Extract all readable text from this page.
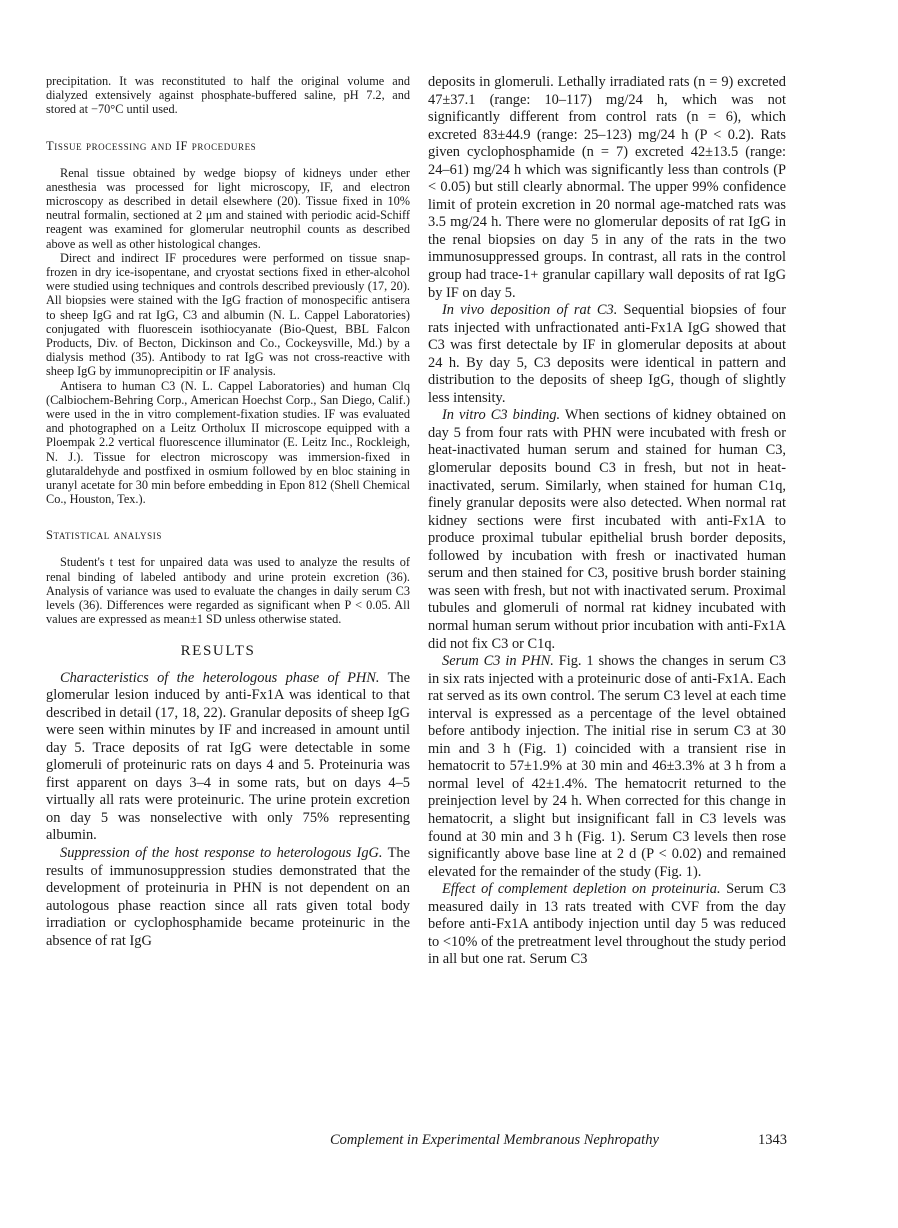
precipitation. It was reconstituted to half the original volume and dialyzed extensively against phosphate-buffered saline, pH 7.2, and stored at −70°C until used.

Tissue processing and IF procedures

Renal tissue obtained by wedge biopsy of kidneys under ether anesthesia was processed for light microscopy, IF, and electron microscopy as described in detail elsewhere (20). Tissue fixed in 10% neutral formalin, sectioned at 2 μm and stained with periodic acid-Schiff reagent was examined for glomerular neutrophil counts as described above as well as other histological changes.

Direct and indirect IF procedures were performed on tissue snap-frozen in dry ice-isopentane, and cryostat sections fixed in ether-alcohol were studied using techniques and controls described previously (17, 20). All biopsies were stained with the IgG fraction of monospecific antisera to sheep IgG and rat IgG, C3 and albumin (N. L. Cappel Laboratories) conjugated with fluorescein isothiocyanate (Bio-Quest, BBL Falcon Products, Div. of Becton, Dickinson and Co., Cockeysville, Md.) by a dialysis method (35). Antibody to rat IgG was not cross-reactive with sheep IgG by immunoprecipitin or IF analysis.

Antisera to human C3 (N. L. Cappel Laboratories) and human Clq (Calbiochem-Behring Corp., American Hoechst Corp., San Diego, Calif.) were used in the in vitro complement-fixation studies. IF was evaluated and photographed on a Leitz Ortholux II microscope equipped with a Ploempak 2.2 vertical fluorescence illuminator (E. Leitz Inc., Rockleigh, N. J.). Tissue for electron microscopy was immersion-fixed in glutaraldehyde and postfixed in osmium followed by en bloc staining in uranyl acetate for 30 min before embedding in Epon 812 (Shell Chemical Co., Houston, Tex.).

Statistical analysis

Student's t test for unpaired data was used to analyze the results of renal binding of labeled antibody and urine protein excretion (36). Analysis of variance was used to evaluate the changes in daily serum C3 levels (36). Differences were regarded as significant when P < 0.05. All values are expressed as mean±1 SD unless otherwise stated.

RESULTS

Characteristics of the heterologous phase of PHN. The glomerular lesion induced by anti-Fx1A was identical to that described in detail (17, 18, 22). Granular deposits of sheep IgG were seen within minutes by IF and increased in amount until day 5. Trace deposits of rat IgG were detectable in some glomeruli of proteinuric rats on days 4 and 5. Proteinuria was first apparent on days 3–4 in some rats, but on days 4–5 virtually all rats were proteinuric. The urine protein excretion on day 5 was nonselective with only 75% representing albumin.

Suppression of the host response to heterologous IgG. The results of immunosuppression studies demonstrated that the development of proteinuria in PHN is not dependent on an autologous phase reaction since all rats given total body irradiation or cyclophosphamide became proteinuric in the absence of rat IgG

deposits in glomeruli. Lethally irradiated rats (n = 9) excreted 47±37.1 (range: 10–117) mg/24 h, which was not significantly different from control rats (n = 6), which excreted 83±44.9 (range: 25–123) mg/24 h (P < 0.2). Rats given cyclophosphamide (n = 7) excreted 42±13.5 (range: 24–61) mg/24 h which was significantly less than controls (P < 0.05) but still clearly abnormal. The upper 99% confidence limit of protein excretion in 20 normal age-matched rats was 3.5 mg/24 h. There were no glomerular deposits of rat IgG in the renal biopsies on day 5 in any of the rats in the two immunosuppressed groups. In contrast, all rats in the control group had trace-1+ granular capillary wall deposits of rat IgG by IF on day 5.

In vivo deposition of rat C3. Sequential biopsies of four rats injected with unfractionated anti-Fx1A IgG showed that C3 was first detectale by IF in glomerular deposits at about 24 h. By day 5, C3 deposits were identical in pattern and distribution to the deposits of sheep IgG, though of slightly less intensity.

In vitro C3 binding. When sections of kidney obtained on day 5 from four rats with PHN were incubated with fresh or heat-inactivated human serum and stained for human C3, glomerular deposits bound C3 in fresh, but not in heat-inactivated, serum. Similarly, when stained for human C1q, finely granular deposits were also detected. When normal rat kidney sections were first incubated with anti-Fx1A to produce proximal tubular epithelial brush border deposits, followed by incubation with fresh or inactivated human serum and then stained for C3, positive brush border staining was seen with fresh, but not with inactivated serum. Proximal tubules and glomeruli of normal rat kidney incubated with normal human serum without prior incubation with anti-Fx1A did not fix C3 or C1q.

Serum C3 in PHN. Fig. 1 shows the changes in serum C3 in six rats injected with a proteinuric dose of anti-Fx1A. Each rat served as its own control. The serum C3 level at each time interval is expressed as a percentage of the level obtained before antibody injection. The initial rise in serum C3 at 30 min and 3 h (Fig. 1) coincided with a transient rise in hematocrit to 57±1.9% at 30 min and 46±3.3% at 3 h from a normal level of 42±1.4%. The hematocrit returned to the preinjection level by 24 h. When corrected for this change in hematocrit, a slight but insignificant fall in C3 levels was found at 30 min and 3 h (Fig. 1). Serum C3 levels then rose significantly above base line at 2 d (P < 0.02) and remained elevated for the remainder of the study (Fig. 1).

Effect of complement depletion on proteinuria. Serum C3 measured daily in 13 rats treated with CVF from the day before anti-Fx1A antibody injection until day 5 was reduced to <10% of the pretreatment level throughout the study period in all but one rat. Serum C3

Complement in Experimental Membranous Nephropathy	1343
